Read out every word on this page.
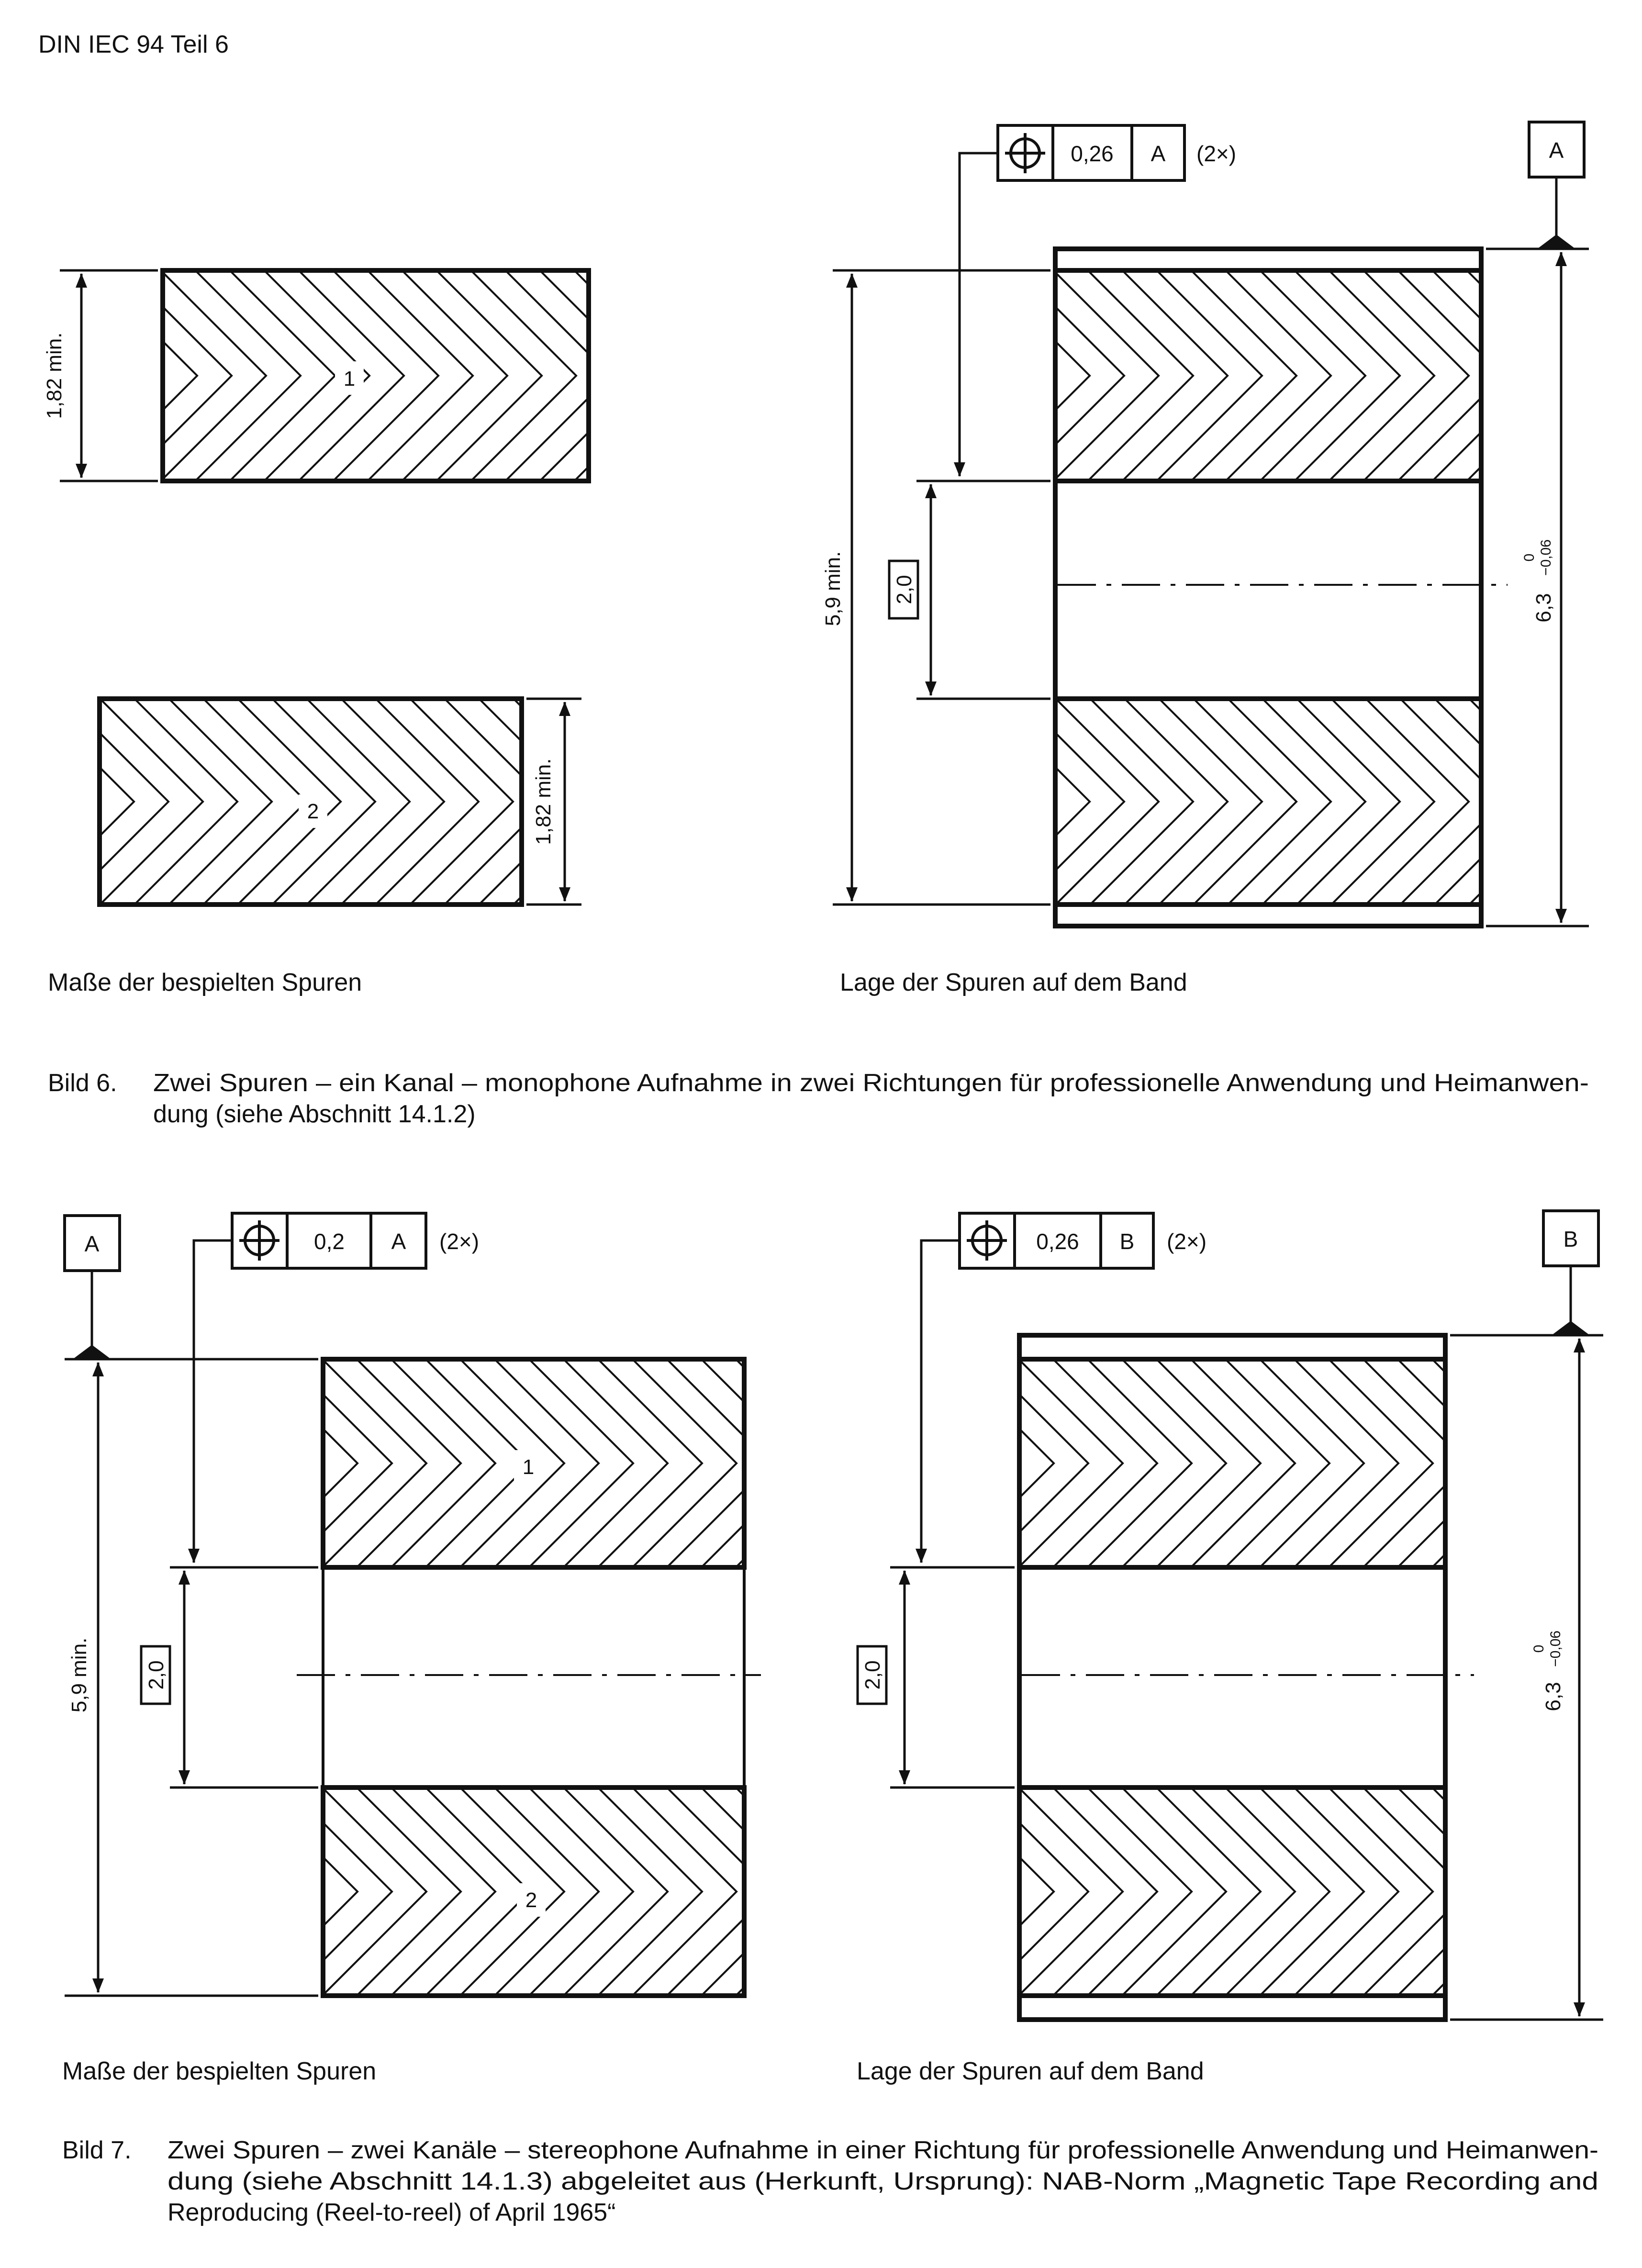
DIN IEC 94 Teil 6
1
1,82 min.
2	1,82 min.
Maße der bespielten Spuren
0,26 A (2×)	A
5,9 min. 2,0
6,3
0 −0,06
Lage der Spuren auf dem Band
Bild 6. Zwei Spuren – ein Kanal – monophone Aufnahme in zwei Richtungen für professionelle Anwendung und Heimanwen-
dung (siehe Abschnitt 14.1.2)
1
2
0,2 A (2×)
A
5,9 min.	2,0
Maße der bespielten Spuren
0,26 B (2×)	B
2,0
6,3
0 −0,06
Lage der Spuren auf dem Band
Bild 7. Zwei Spuren – zwei Kanäle – stereophone Aufnahme in einer Richtung für professionelle Anwendung und Heimanwen-
dung (siehe Abschnitt 14.1.3) abgeleitet aus (Herkunft, Ursprung): NAB-Norm „Magnetic Tape Recording and
Reproducing (Reel-to-reel) of April 1965“
